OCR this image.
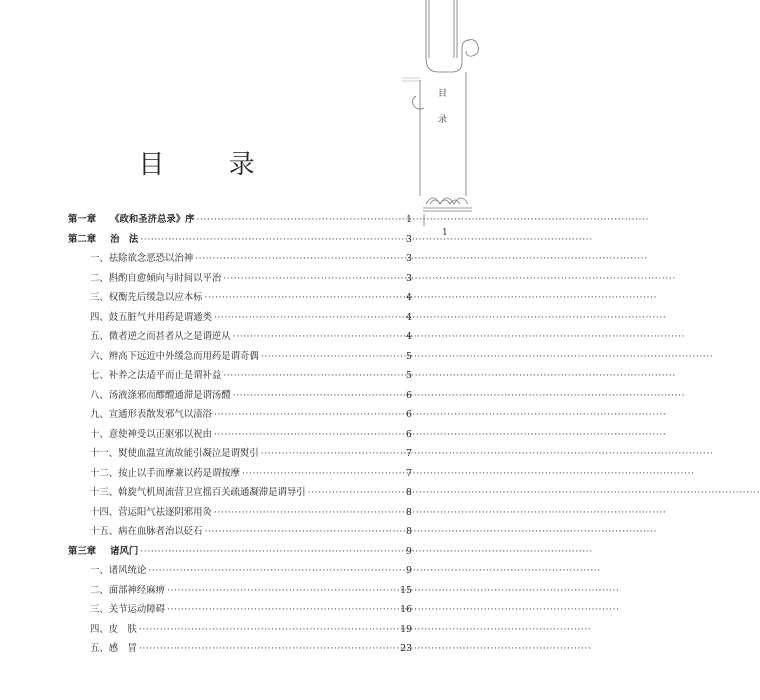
目
录
1
目 录
第一章 《政和圣济总录》序 ·····	1
第二章 治　法 ·····	3
一、祛除欲念恶恐以治神 ·····	3
二、斟酌自愈倾向与时间以平治 ·····	3
三、权衡先后缓急以应本标 ·····	4
四、鼓五脏气并用药是谓通类 ·····	4
五、微者逆之而甚者从之是谓逆从 ·····	4
六、辨高下远近中外缓急而用药是谓奇偶 ·····	5
七、补养之法适平而止是谓补益 ·····	5
八、汤液涤邪而醪醴通滞是谓汤醴 ·····	6
九、宣通形表散发邪气以渍浴 ·····	6
十、意使神受以正驱邪以祝由 ·····	6
十一、熨使血温宣流故能引凝泣是谓熨引 ·····	7
十二、按止以手而摩兼以药是谓按摩 ·····	7
十三、斡旋气机周流营卫宣摇百关疏通凝滞是谓导引 ·····	8
十四、营运阳气祛逐阴邪用灸 ·····	8
十五、病在血脉者治以砭石 ·····	8
第三章 诸风门 ·····	9
一、诸风统论 ·····	9
二、面部神经麻痹 ·····	15
三、关节运动障碍 ·····	16
四、皮　肤 ·····	19
五、感　冒 ·····	23
